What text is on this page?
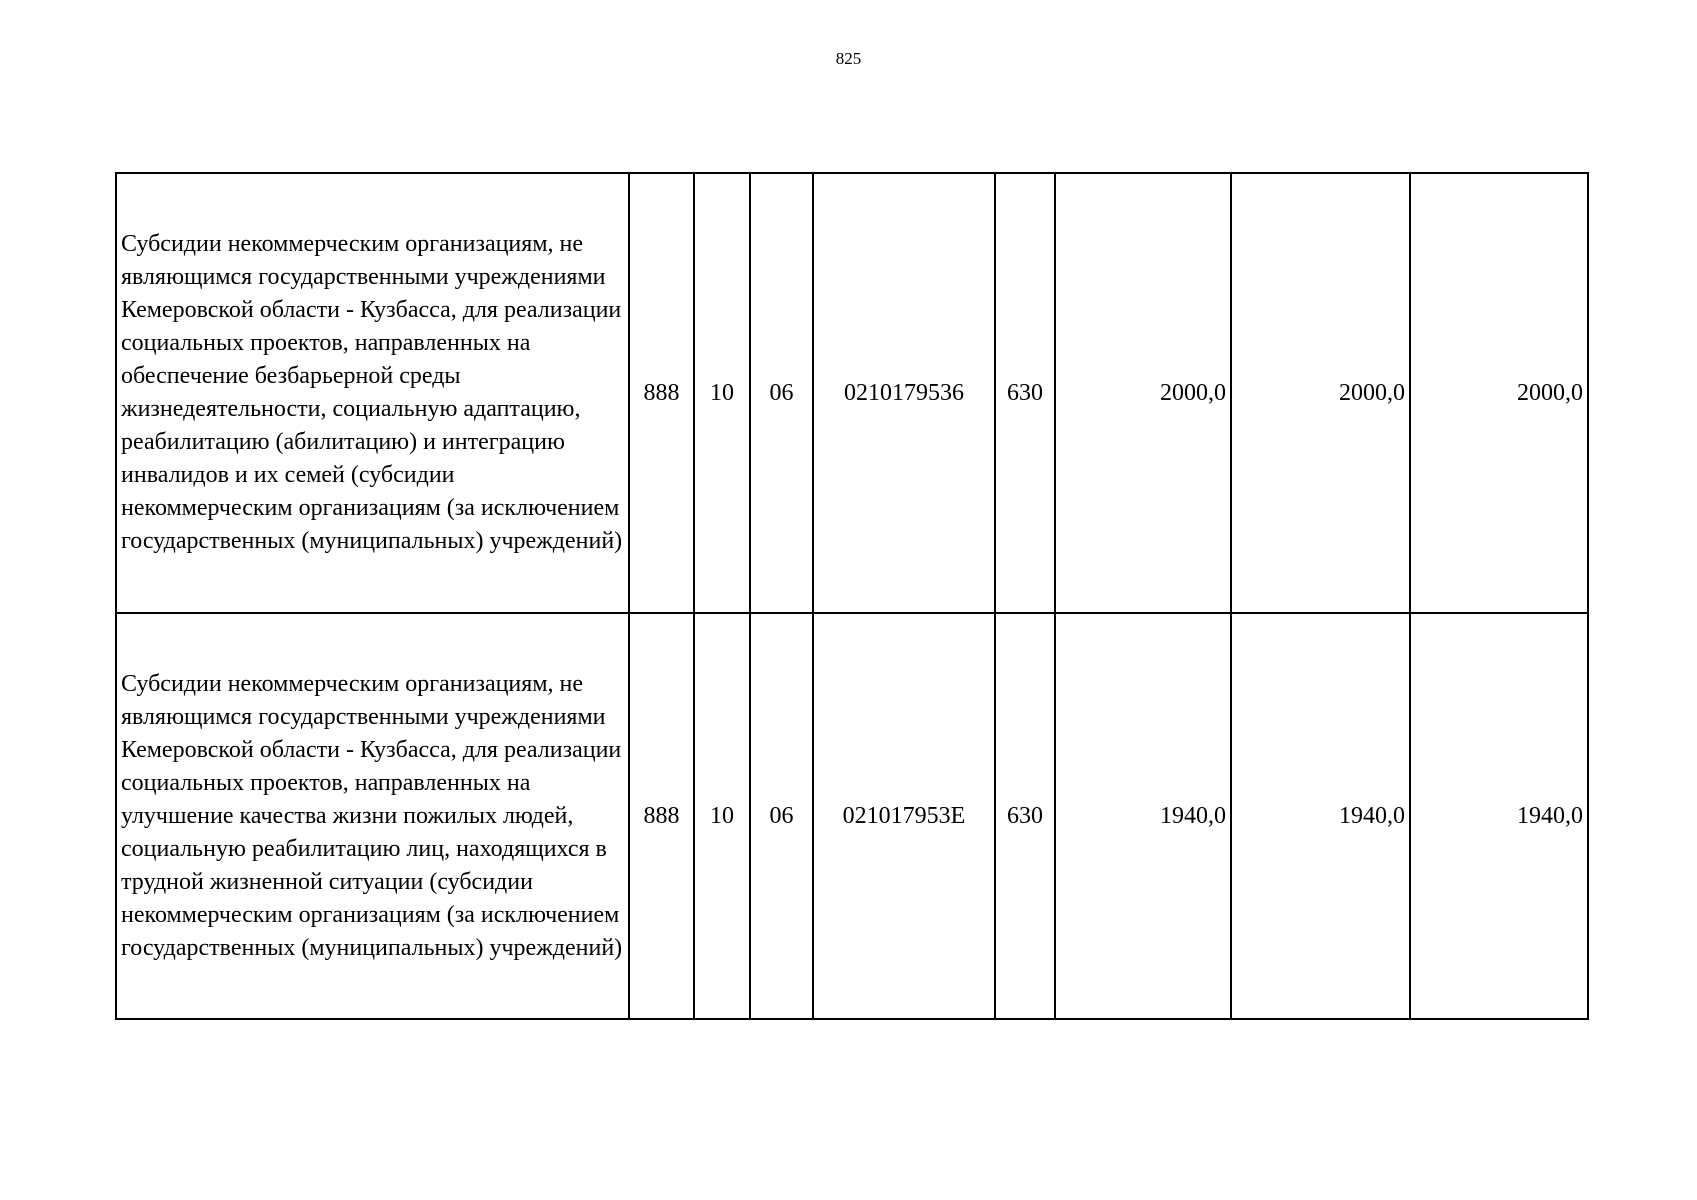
825
Субсидии некоммерческим организациям, не являющимся государственными учреждениями Кемеровской области - Кузбасса, для реализации социальных проектов, направленных на обеспечение безбарьерной среды жизнедеятельности, социальную адаптацию, реабилитацию (абилитацию) и интеграцию инвалидов и их семей (субсидии некоммерческим организациям (за исключением государственных (муниципальных) учреждений)	888	10	06	0210179536	630	2000,0	2000,0	2000,0

Субсидии некоммерческим организациям, не являющимся государственными учреждениями Кемеровской области - Кузбасса, для реализации социальных проектов, направленных на улучшение качества жизни пожилых людей, социальную реабилитацию лиц, находящихся в трудной жизненной ситуации (субсидии некоммерческим организациям (за исключением государственных (муниципальных) учреждений)	888	10	06	021017953Е	630	1940,0	1940,0	1940,0
